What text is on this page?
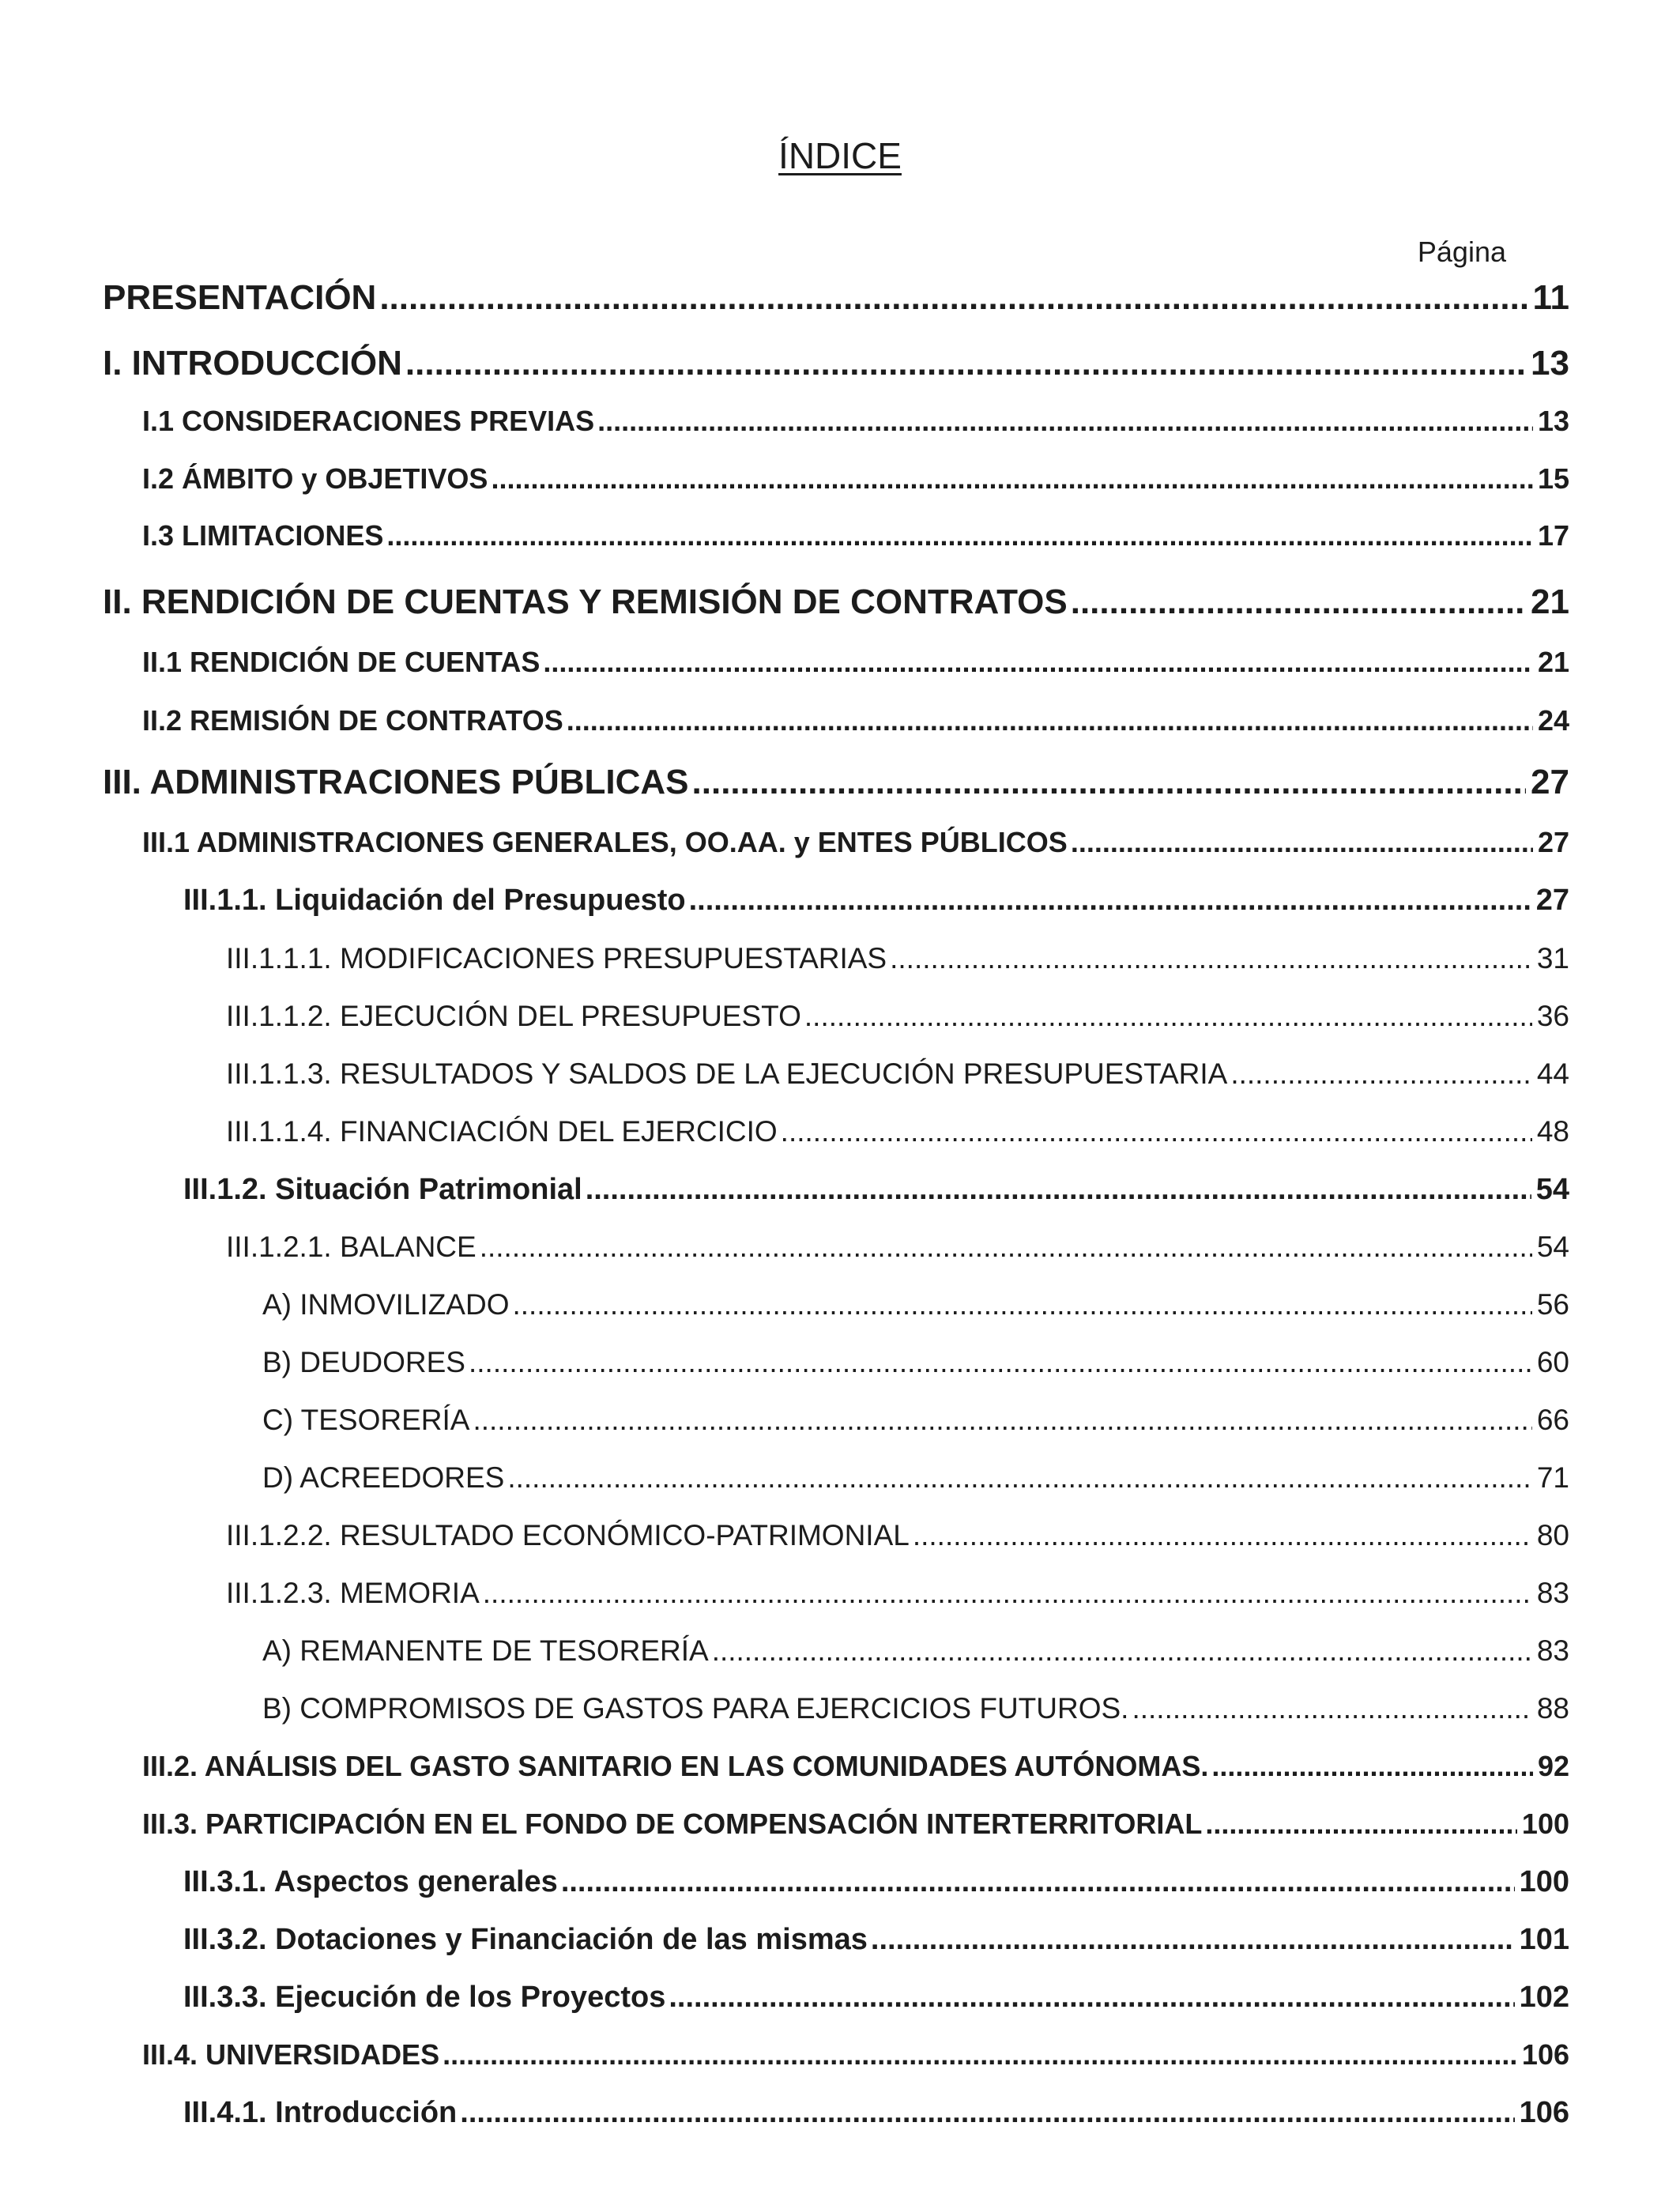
ÍNDICE
Página
PRESENTACIÓN .....	11
I. INTRODUCCIÓN .....	13
I.1 CONSIDERACIONES PREVIAS .....	13
I.2 ÁMBITO y OBJETIVOS .....	15
I.3 LIMITACIONES .....	17
II. RENDICIÓN DE CUENTAS Y REMISIÓN DE CONTRATOS .....	21
II.1 RENDICIÓN DE CUENTAS .....	21
II.2 REMISIÓN DE CONTRATOS .....	24
III. ADMINISTRACIONES PÚBLICAS .....	27
III.1 ADMINISTRACIONES GENERALES, OO.AA. y ENTES PÚBLICOS .....	27
III.1.1. Liquidación del Presupuesto .....	27
III.1.1.1. MODIFICACIONES PRESUPUESTARIAS .....	31
III.1.1.2. EJECUCIÓN DEL PRESUPUESTO .....	36
III.1.1.3. RESULTADOS Y SALDOS DE LA EJECUCIÓN PRESUPUESTARIA .....	44
III.1.1.4. FINANCIACIÓN DEL EJERCICIO .....	48
III.1.2. Situación Patrimonial .....	54
III.1.2.1. BALANCE .....	54
A) INMOVILIZADO .....	56
B) DEUDORES .....	60
C) TESORERÍA .....	66
D) ACREEDORES .....	71
III.1.2.2. RESULTADO ECONÓMICO-PATRIMONIAL .....	80
III.1.2.3. MEMORIA .....	83
A) REMANENTE DE TESORERÍA .....	83
B) COMPROMISOS DE GASTOS PARA EJERCICIOS FUTUROS. .....	88
III.2. ANÁLISIS DEL GASTO SANITARIO EN LAS COMUNIDADES AUTÓNOMAS. .....	92
III.3. PARTICIPACIÓN EN EL FONDO DE COMPENSACIÓN INTERTERRITORIAL .....	100
III.3.1. Aspectos generales .....	100
III.3.2. Dotaciones y Financiación de las mismas .....	101
III.3.3. Ejecución de los Proyectos .....	102
III.4. UNIVERSIDADES .....	106
III.4.1. Introducción .....	106
